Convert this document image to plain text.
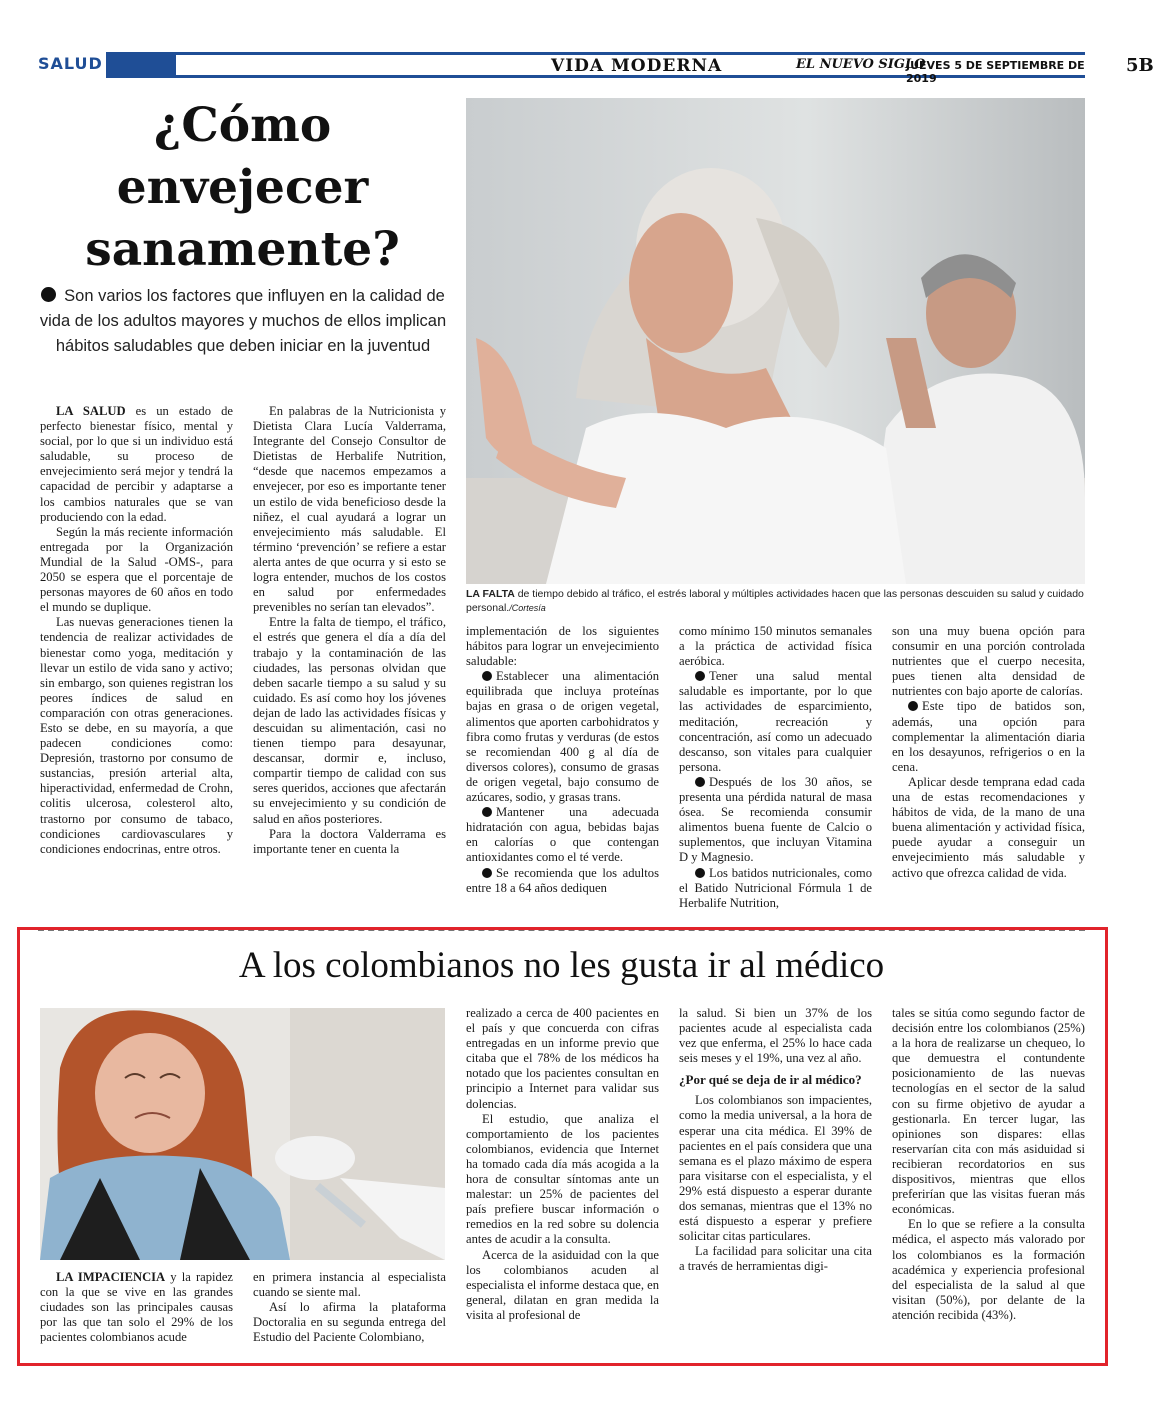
SALUD	VIDA MODERNA	EL NUEVO SIGLO
JUEVES 5 DE SEPTIEMBRE DE 2019
5B
¿Cómo
envejecer
sanamente?
Son varios los factores que influyen en la calidad de vida de los adultos mayores y muchos de ellos implican hábitos saludables que deben iniciar en la juventud
LA FALTA de tiempo debido al tráfico, el estrés laboral y múltiples actividades hacen que las personas descuiden su salud y cuidado personal./Cortesía

LA SALUD es un estado de perfecto bienestar físico, mental y social, por lo que si un individuo está saludable, su proceso de envejecimiento será mejor y tendrá la capacidad de percibir y adaptarse a los cambios naturales que se van produciendo con la edad.

Según la más reciente información entregada por la Organización Mundial de la Salud -OMS-, para 2050 se espera que el porcentaje de personas mayores de 60 años en todo el mundo se duplique.

Las nuevas generaciones tienen la tendencia de realizar actividades de bienestar como yoga, meditación y llevar un estilo de vida sano y activo; sin embargo, son quienes registran los peores índices de salud en comparación con otras generaciones. Esto se debe, en su mayoría, a que padecen condiciones como: Depresión, trastorno por consumo de sustancias, presión arterial alta, hiperactividad, enfermedad de Crohn, colitis ulcerosa, colesterol alto, trastorno por consumo de tabaco, condiciones cardiovasculares y condiciones endocrinas, entre otros.

En palabras de la Nutricionista y Dietista Clara Lucía Valderrama, Integrante del Consejo Consultor de Dietistas de Herbalife Nutrition, “desde que nacemos empezamos a envejecer, por eso es importante tener un estilo de vida beneficioso desde la niñez, el cual ayudará a lograr un envejecimiento más saludable. El término ‘prevención’ se refiere a estar alerta antes de que ocurra y si esto se logra entender, muchos de los costos en salud por enfermedades prevenibles no serían tan elevados”.

Entre la falta de tiempo, el tráfico, el estrés que genera el día a día del trabajo y la contaminación de las ciudades, las personas olvidan que deben sacarle tiempo a su salud y su cuidado. Es así como hoy los jóvenes dejan de lado las actividades físicas y descuidan su alimentación, casi no tienen tiempo para desayunar, descansar, dormir e, incluso, compartir tiempo de calidad con sus seres queridos, acciones que afectarán su envejecimiento y su condición de salud en años posteriores.

Para la doctora Valderrama es importante tener en cuenta la

implementación de los siguientes hábitos para lograr un envejecimiento saludable:

Establecer una alimentación equilibrada que incluya proteínas bajas en grasa o de origen vegetal, alimentos que aporten carbohidratos y fibra como frutas y verduras (de estos se recomiendan 400 g al día de diversos colores), consumo de grasas de origen vegetal, bajo consumo de azúcares, sodio, y grasas trans.

Mantener una adecuada hidratación con agua, bebidas bajas en calorías o que contengan antioxidantes como el té verde.

Se recomienda que los adultos entre 18 a 64 años dediquen

como mínimo 150 minutos semanales a la práctica de actividad física aeróbica.

Tener una salud mental saludable es importante, por lo que las actividades de esparcimiento, meditación, recreación y concentración, así como un adecuado descanso, son vitales para cualquier persona.

Después de los 30 años, se presenta una pérdida natural de masa ósea. Se recomienda consumir alimentos buena fuente de Calcio o suplementos, que incluyan Vitamina D y Magnesio.

Los batidos nutricionales, como el Batido Nutricional Fórmula 1 de Herbalife Nutrition,

son una muy buena opción para consumir en una porción controlada nutrientes que el cuerpo necesita, pues tienen alta densidad de nutrientes con bajo aporte de calorías.

Este tipo de batidos son, además, una opción para complementar la alimentación diaria en los desayunos, refrigerios o en la cena.

Aplicar desde temprana edad cada una de estas recomendaciones y hábitos de vida, de la mano de una buena alimentación y actividad física, puede ayudar a conseguir un envejecimiento más saludable y activo que ofrezca calidad de vida.

A los colombianos no les gusta ir al médico

LA IMPACIENCIA y la rapidez con la que se vive en las grandes ciudades son las principales causas por las que tan solo el 29% de los pacientes colombianos acude

en primera instancia al especialista cuando se siente mal.

Así lo afirma la plataforma Doctoralia en su segunda entrega del Estudio del Paciente Colombiano,

realizado a cerca de 400 pacientes en el país y que concuerda con cifras entregadas en un informe previo que citaba que el 78% de los médicos ha notado que los pacientes consultan en principio a Internet para validar sus dolencias.

El estudio, que analiza el comportamiento de los pacientes colombianos, evidencia que Internet ha tomado cada día más acogida a la hora de consultar síntomas ante un malestar: un 25% de pacientes del país prefiere buscar información o remedios en la red sobre su dolencia antes de acudir a la consulta.

Acerca de la asiduidad con la que los colombianos acuden al especialista el informe destaca que, en general, dilatan en gran medida la visita al profesional de

la salud. Si bien un 37% de los pacientes acude al especialista cada vez que enferma, el 25% lo hace cada seis meses y el 19%, una vez al año.

¿Por qué se deja de ir al médico?

Los colombianos son impacientes, como la media universal, a la hora de esperar una cita médica. El 39% de pacientes en el país considera que una semana es el plazo máximo de espera para visitarse con el especialista, y el 29% está dispuesto a esperar durante dos semanas, mientras que el 13% no está dispuesto a esperar y prefiere solicitar citas particulares.

La facilidad para solicitar una cita a través de herramientas digi-

tales se sitúa como segundo factor de decisión entre los colombianos (25%) a la hora de realizarse un chequeo, lo que demuestra el contundente posicionamiento de las nuevas tecnologías en el sector de la salud con su firme objetivo de ayudar a gestionarla. En tercer lugar, las opiniones son dispares: ellas reservarían cita con más asiduidad si recibieran recordatorios en sus dispositivos, mientras que ellos preferirían que las visitas fueran más económicas.

En lo que se refiere a la consulta médica, el aspecto más valorado por los colombianos es la formación académica y experiencia profesional del especialista de la salud al que visitan (50%), por delante de la atención recibida (43%).
